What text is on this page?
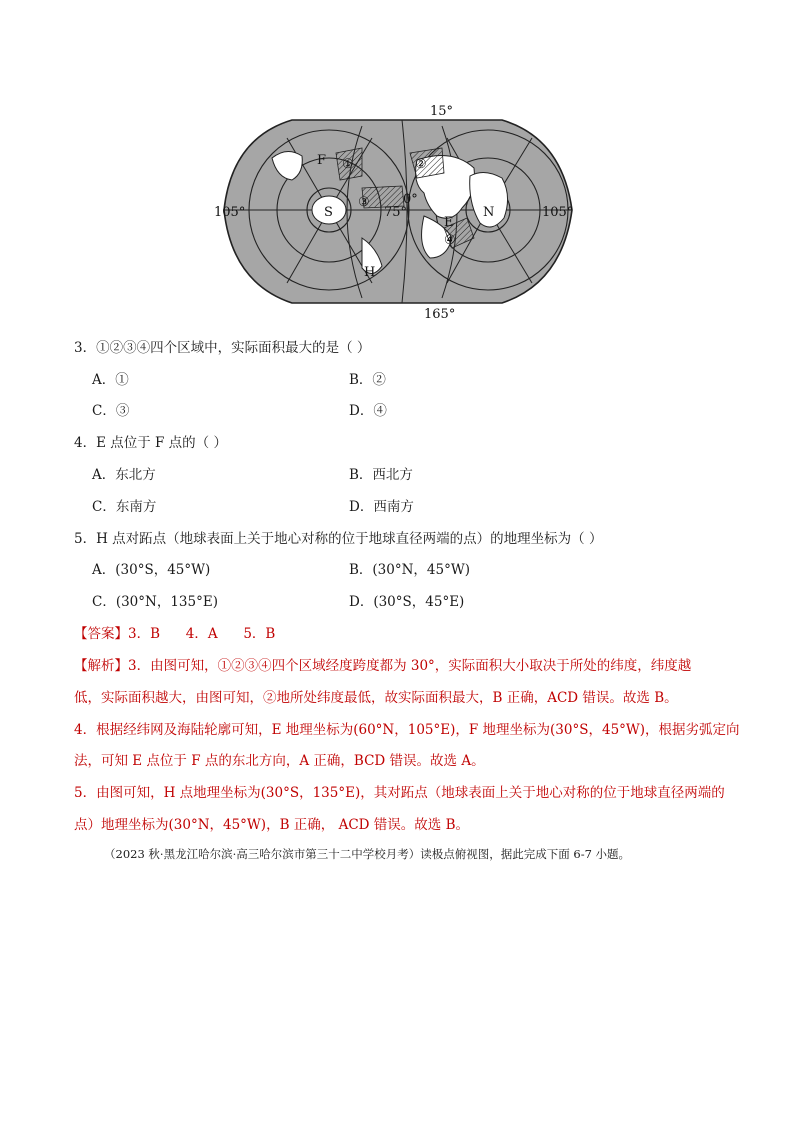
15°
165°
105°	105°
75°
0°
F
E
H
S	N
①	②
③
④
3．①②③④四个区域中，实际面积最大的是（ ）
A．①	B．②
C．③	D．④
4．E 点位于 F 点的（ ）
A．东北方	B．西北方
C．东南方	D．西南方
5．H 点对跖点（地球表面上关于地心对称的位于地球直径两端的点）的地理坐标为（ ）
A．(30°S，45°W)	B．(30°N，45°W)
C．(30°N，135°E)	D．(30°S，45°E)
【答案】3．B      4．A      5．B
【解析】3．由图可知，①②③④四个区域经度跨度都为 30°，实际面积大小取决于所处的纬度，纬度越
低，实际面积越大，由图可知，②地所处纬度最低，故实际面积最大，B 正确，ACD 错误。故选 B。
4．根据经纬网及海陆轮廓可知，E 地理坐标为(60°N，105°E)，F 地理坐标为(30°S，45°W)，根据劣弧定向
法，可知 E 点位于 F 点的东北方向，A 正确，BCD 错误。故选 A。
5．由图可知，H 点地理坐标为(30°S，135°E)，其对跖点（地球表面上关于地心对称的位于地球直径两端的
点）地理坐标为(30°N，45°W)，B 正确， ACD 错误。故选 B。
（2023 秋·黑龙江哈尔滨·高三哈尔滨市第三十二中学校月考）读极点俯视图，据此完成下面 6-7 小题。
